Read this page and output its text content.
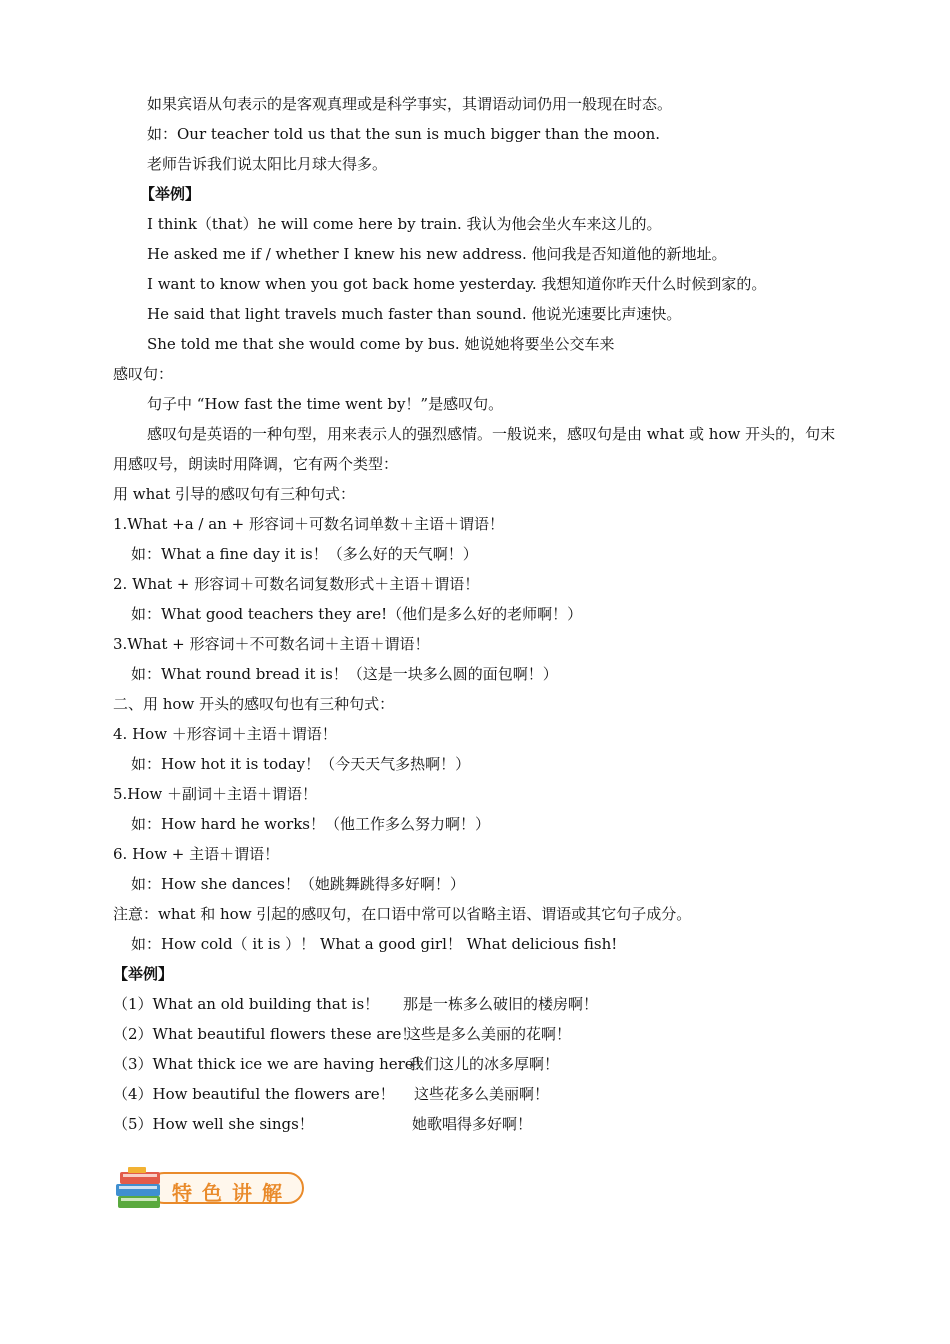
如果宾语从句表示的是客观真理或是科学事实，其谓语动词仍用一般现在时态。
如：Our teacher told us that the sun is much bigger than the moon.
老师告诉我们说太阳比月球大得多。
【举例】
I think（that）he will come here by train. 我认为他会坐火车来这儿的。
He asked me if / whether I knew his new address. 他问我是否知道他的新地址。
I want to know when you got back home yesterday. 我想知道你昨天什么时候到家的。
He said that light travels much faster than sound. 他说光速要比声速快。
She told me that she would come by bus. 她说她将要坐公交车来
感叹句：
句子中 “How fast the time went by！”是感叹句。
感叹句是英语的一种句型，用来表示人的强烈感情。一般说来，感叹句是由 what 或 how 开头的，句末用感叹号，朗读时用降调，它有两个类型：
用 what 引导的感叹句有三种句式：
1.What +a / an + 形容词＋可数名词单数＋主语＋谓语！
如：What a fine day it is！（多么好的天气啊！）
2. What + 形容词＋可数名词复数形式＋主语＋谓语！
如：What good teachers they are!（他们是多么好的老师啊！）
3.What + 形容词＋不可数名词＋主语＋谓语！
如：What round bread it is！（这是一块多么圆的面包啊！）
二、用 how 开头的感叹句也有三种句式：
4. How ＋形容词＋主语＋谓语！
如：How hot it is today！（今天天气多热啊！）
5.How ＋副词＋主语＋谓语！
如：How hard he works！（他工作多么努力啊！）
6. How + 主语＋谓语！
如：How she dances！（她跳舞跳得多好啊！）
注意：what 和 how 引起的感叹句，在口语中常可以省略主语、谓语或其它句子成分。
如：How cold（ it is ）！ What a good girl！ What delicious fish!
【举例】
（1）What an old building that is！ 那是一栋多么破旧的楼房啊！
（2）What beautiful flowers these are！
这些是多么美丽的花啊！
（3）What thick ice we are having here！
我们这儿的冰多厚啊！
（4）How beautiful the flowers are！ 这些花多么美丽啊！
（5）How well she sings！	她歌唱得多好啊！
特色讲解
